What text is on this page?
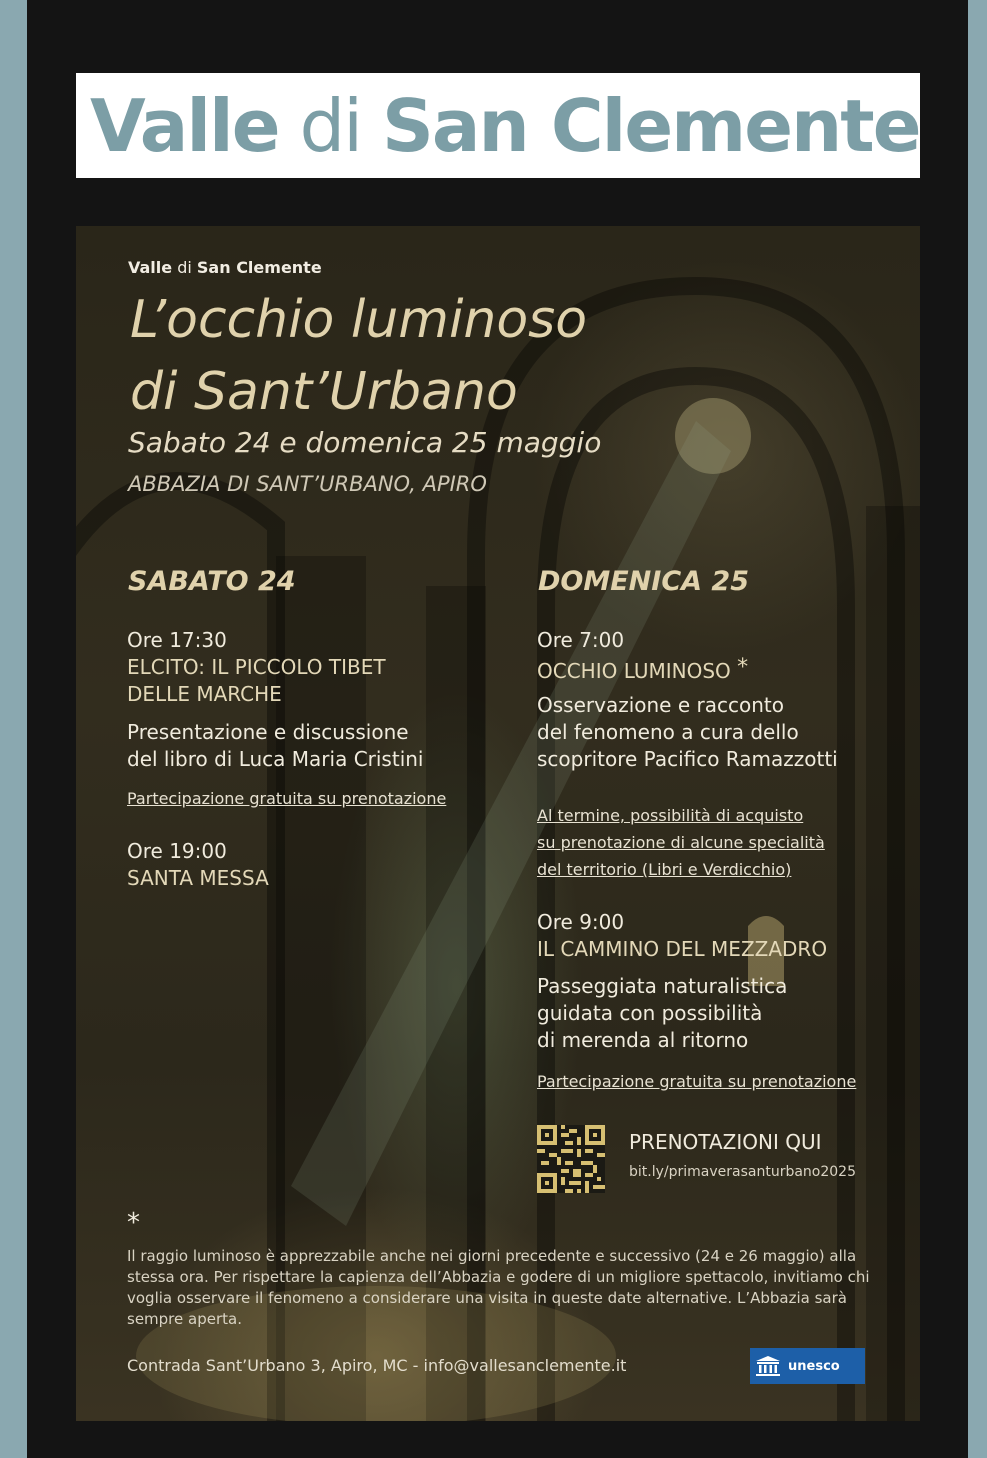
Valle di San Clemente
Valle di San Clemente
L’occhio luminoso
di Sant’Urbano
Sabato 24 e domenica 25 maggio
ABBAZIA DI SANT’URBANO, APIRO
SABATO 24
Ore 17:30
ELCITO: IL PICCOLO TIBET
DELLE MARCHE
Presentazione e discussione
del libro di Luca Maria Cristini
Partecipazione gratuita su prenotazione
Ore 19:00
SANTA MESSA
DOMENICA 25
Ore 7:00
OCCHIO LUMINOSO *
Osservazione e racconto
del fenomeno a cura dello
scopritore Pacifico Ramazzotti
Al termine, possibilità di acquisto
su prenotazione di alcune specialità
del territorio (Libri e Verdicchio)
Ore 9:00
IL CAMMINO DEL MEZZADRO
Passeggiata naturalistica
guidata con possibilità
di merenda al ritorno
Partecipazione gratuita su prenotazione
PRENOTAZIONI QUI
bit.ly/primaverasanturbano2025
*
Il raggio luminoso è apprezzabile anche nei giorni precedente e successivo (24 e 26 maggio) alla stessa ora. Per rispettare la capienza dell’Abbazia e godere di un migliore spettacolo, invitiamo chi voglia osservare il fenomeno a considerare una visita in queste date alternative. L’Abbazia sarà sempre aperta.
Contrada Sant’Urbano 3, Apiro, MC - info@vallesanclemente.it	unesco
